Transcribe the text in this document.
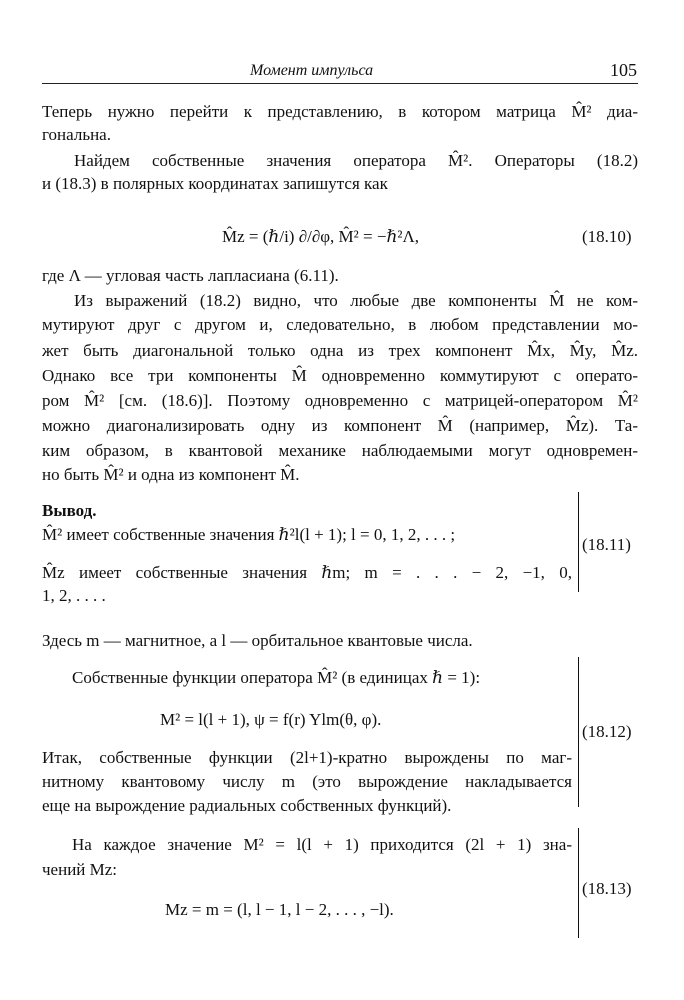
Момент импульса	105
Теперь нужно перейти к представлению, в котором матрица M̂² диа-
гональна.
Найдем собственные значения оператора M̂². Операторы (18.2)
и (18.3) в полярных координатах запишутся как
M̂z = (ℏ/i) ∂/∂φ, M̂² = −ℏ²Λ,	(18.10)
где Λ — угловая часть лапласиана (6.11).
Из выражений (18.2) видно, что любые две компоненты M̂ не ком-
мутируют друг с другом и, следовательно, в любом представлении мо-
жет быть диагональной только одна из трех компонент M̂x, M̂y, M̂z.
Однако все три компоненты M̂ одновременно коммутируют с операто-
ром M̂² [см. (18.6)]. Поэтому одновременно с матрицей-оператором M̂²
можно диагонализировать одну из компонент M̂ (например, M̂z). Та-
ким образом, в квантовой механике наблюдаемыми могут одновремен-
но быть M̂² и одна из компонент M̂.
Вывод.
M̂² имеет собственные значения ℏ²l(l + 1); l = 0, 1, 2, . . . ;
M̂z имеет собственные значения ℏm; m = . . . − 2, −1, 0,
1, 2, . . . .
(18.11)
Здесь m — магнитное, а l — орбитальное квантовые числа.
Собственные функции оператора M̂² (в единицах ℏ = 1):
M² = l(l + 1), ψ = f(r) Ylm(θ, φ).
Итак, собственные функции (2l+1)-кратно вырождены по маг-
нитному квантовому числу m (это вырождение накладывается
еще на вырождение радиальных собственных функций).
(18.12)
На каждое значение M² = l(l + 1) приходится (2l + 1) зна-
чений Mz:
Mz = m = (l, l − 1, l − 2, . . . , −l).
(18.13)
